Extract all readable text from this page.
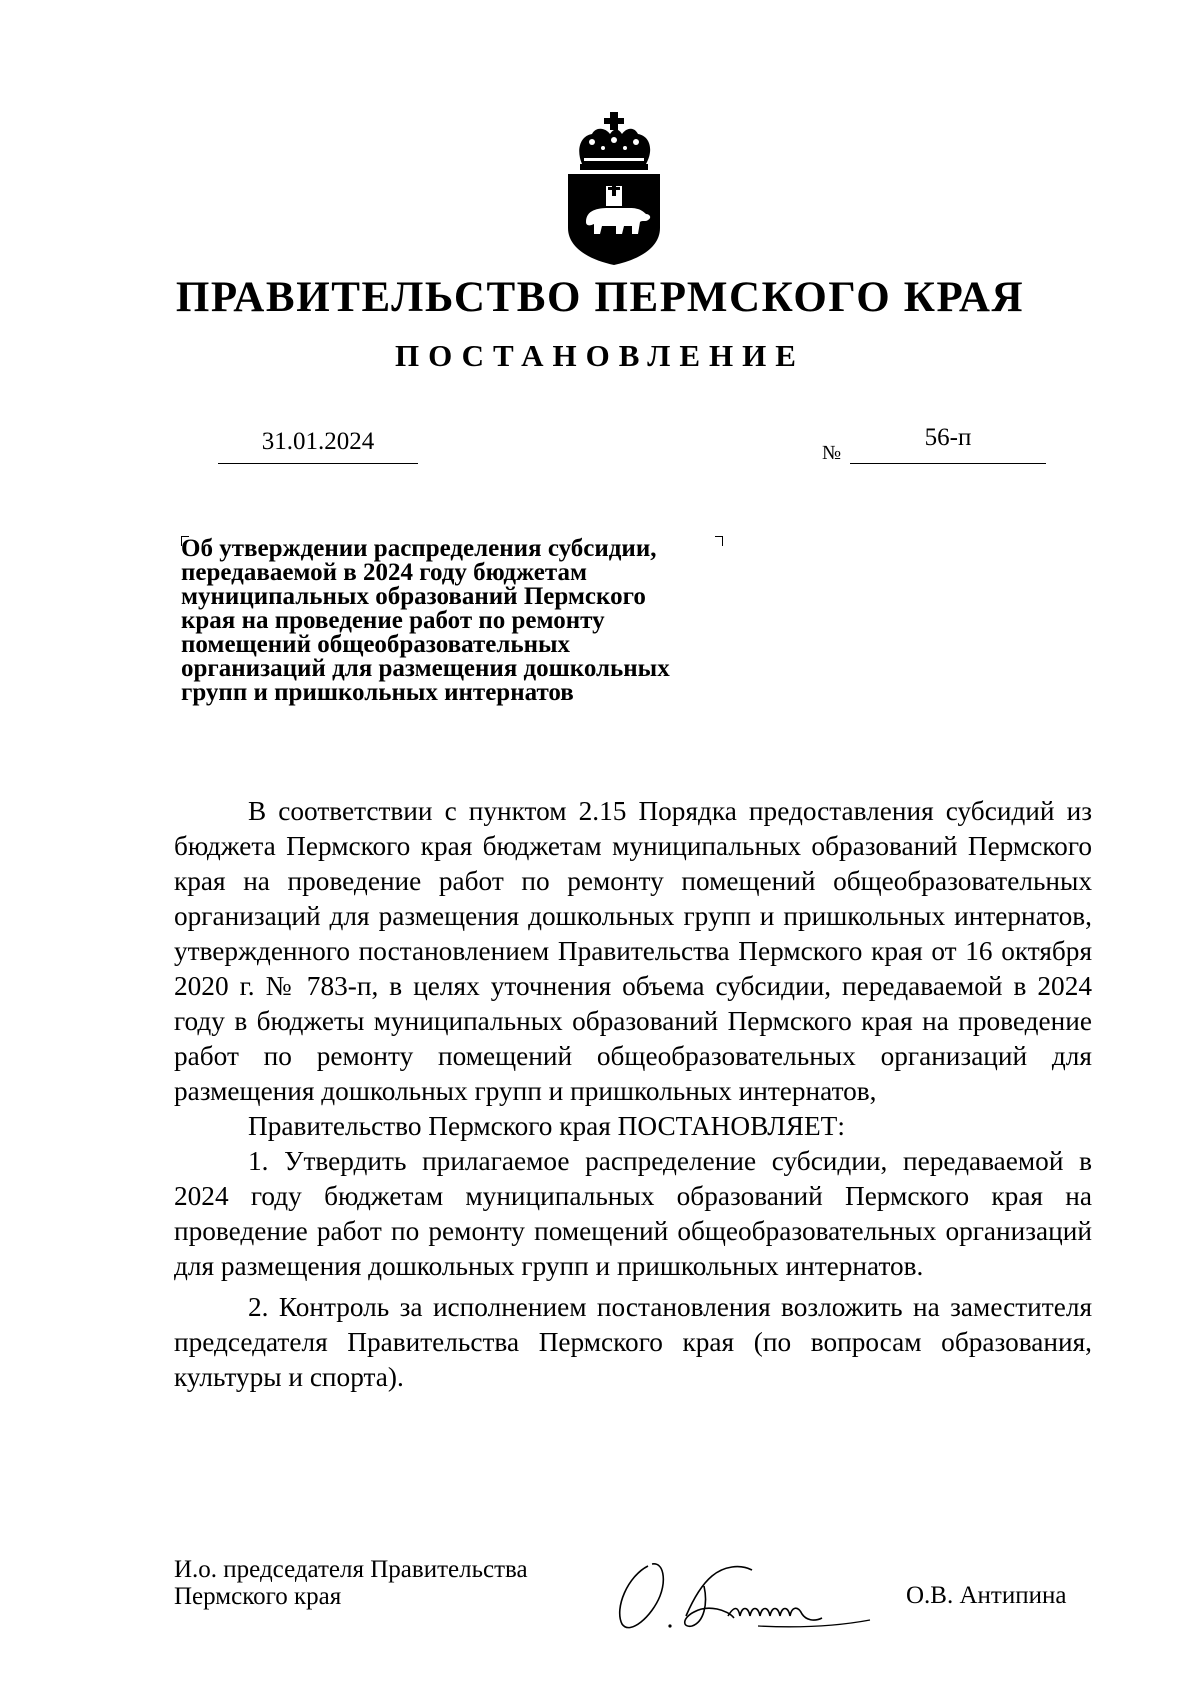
ПРАВИТЕЛЬСТВО ПЕРМСКОГО КРАЯ
ПОСТАНОВЛЕНИЕ
31.01.2024	№
56-п
Об утверждении распределения субсидии,
передаваемой в 2024 году бюджетам
муниципальных образований Пермского
края на проведение работ по ремонту
помещений общеобразовательных
организаций для размещения дошкольных
групп и пришкольных интернатов

В соответствии с пунктом 2.15 Порядка предоставления субсидий из бюджета Пермского края бюджетам муниципальных образований Пермского края на проведение работ по ремонту помещений общеобразовательных организаций для размещения дошкольных групп и пришкольных интернатов, утвержденного постановлением Правительства Пермского края от 16 октября 2020 г. № 783-п, в целях уточнения объема субсидии, передаваемой в 2024 году в бюджеты муниципальных образований Пермского края на проведение работ по ремонту помещений общеобразовательных организаций для размещения дошкольных групп и пришкольных интернатов,

Правительство Пермского края ПОСТАНОВЛЯЕТ:

1. Утвердить прилагаемое распределение субсидии, передаваемой в 2024 году бюджетам муниципальных образований Пермского края на проведение работ по ремонту помещений общеобразовательных организаций для размещения дошкольных групп и пришкольных интернатов.

2. Контроль за исполнением постановления возложить на заместителя председателя Правительства Пермского края (по вопросам образования, культуры и спорта).

И.о. председателя Правительства
Пермского края	О.В. Антипина
